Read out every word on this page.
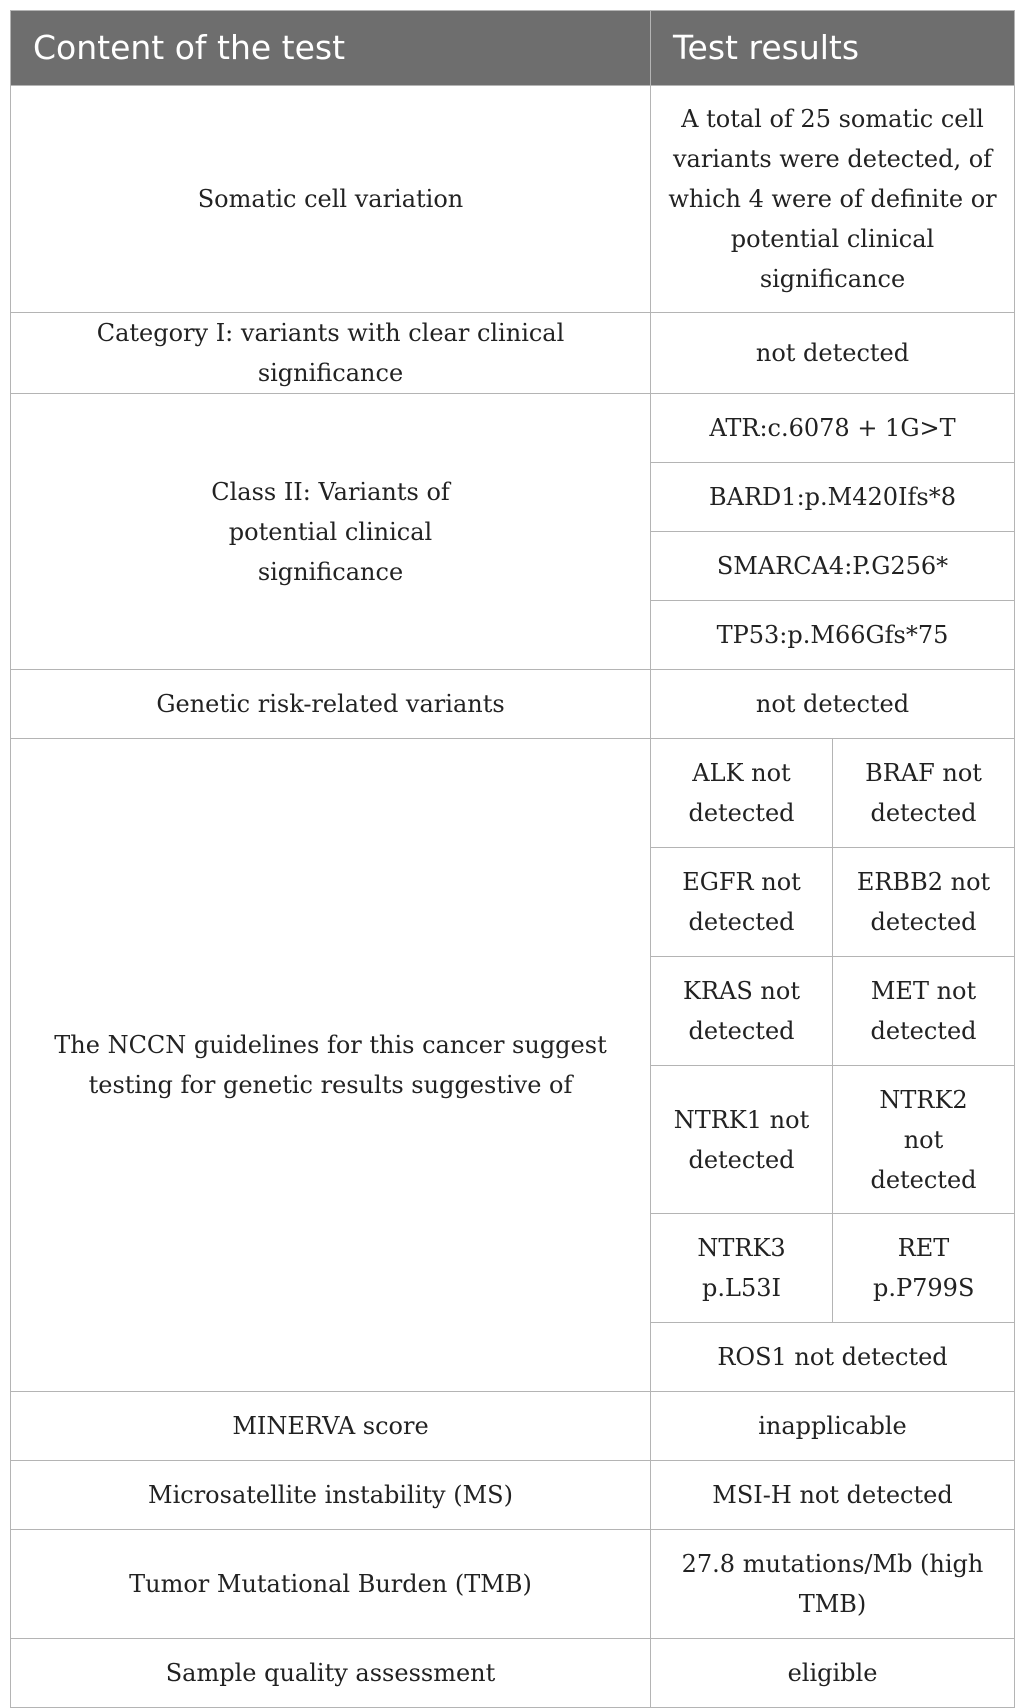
Content of the test	Test results	
Somatic cell variation	A total of 25 somatic cell variants were detected, of which 4 were of definite or potential clinical significance	
Category I: variants with clear clinical significance	not detected	
Class II: Variants of potential clinical significance	ATR:c.6078 + 1G>T	
	BARD1:p.M420Ifs*8	
	SMARCA4:P.G256*	
	TP53:p.M66Gfs*75	
Genetic risk-related variants	not detected	
The NCCN guidelines for this cancer suggest testing for genetic results suggestive of	ALK not detected	BRAF not detected
	EGFR not detected	ERBB2 not detected
	KRAS not detected	MET not detected
	NTRK1 not detected	NTRK2 not detected
	NTRK3 p.L53I	RET p.P799S
	ROS1 not detected	
MINERVA score	inapplicable	
Microsatellite instability (MS)	MSI-H not detected	
Tumor Mutational Burden (TMB)	27.8 mutations/Mb (high TMB)	
Sample quality assessment	eligible	
